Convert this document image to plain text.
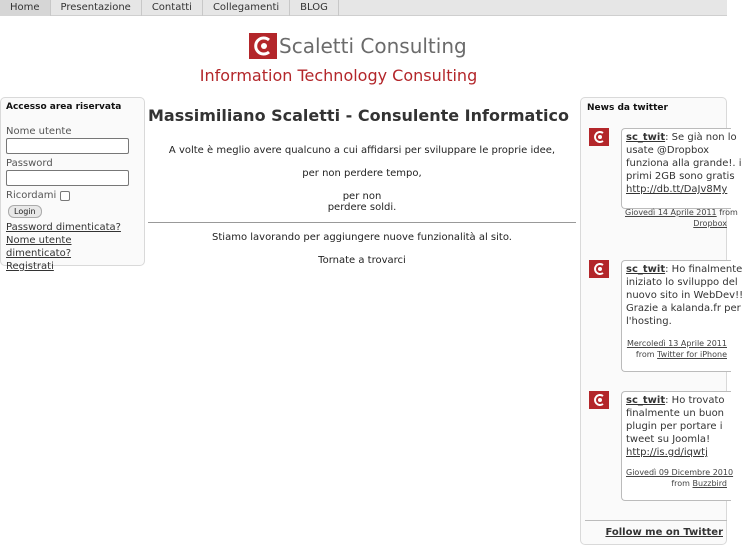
Home	Presentazione	Contatti	Collegamenti	BLOG
Scaletti Consulting
Information Technology Consulting
Accesso area riservata
Nome utente
Password
Ricordami
Login
Password dimenticata?
Nome utente dimenticato?
Registrati
Massimiliano Scaletti - Consulente Informatico

A volte è meglio avere qualcuno a cui affidarsi per sviluppare le proprie idee,

per non perdere tempo,

per non

perdere soldi.

Stiamo lavorando per aggiungere nuove funzionalità al sito.

Tornate a trovarci

News da twitter
sc_twit: Se già non lo
usate @Dropbox
funziona alla grande!. i
primi 2GB sono gratis
http://db.tt/DaJv8My
Giovedì 14 Aprile 2011 from
Dropbox
sc_twit: Ho finalmente
iniziato lo sviluppo del
nuovo sito in WebDev!!
Grazie a kalanda.fr per
l'hosting.
Mercoledì 13 Aprile 2011
from Twitter for iPhone
sc_twit: Ho trovato
finalmente un buon
plugin per portare i
tweet su Joomla!
http://is.gd/iqwtj
Giovedì 09 Dicembre 2010
from Buzzbird
Follow me on Twitter
